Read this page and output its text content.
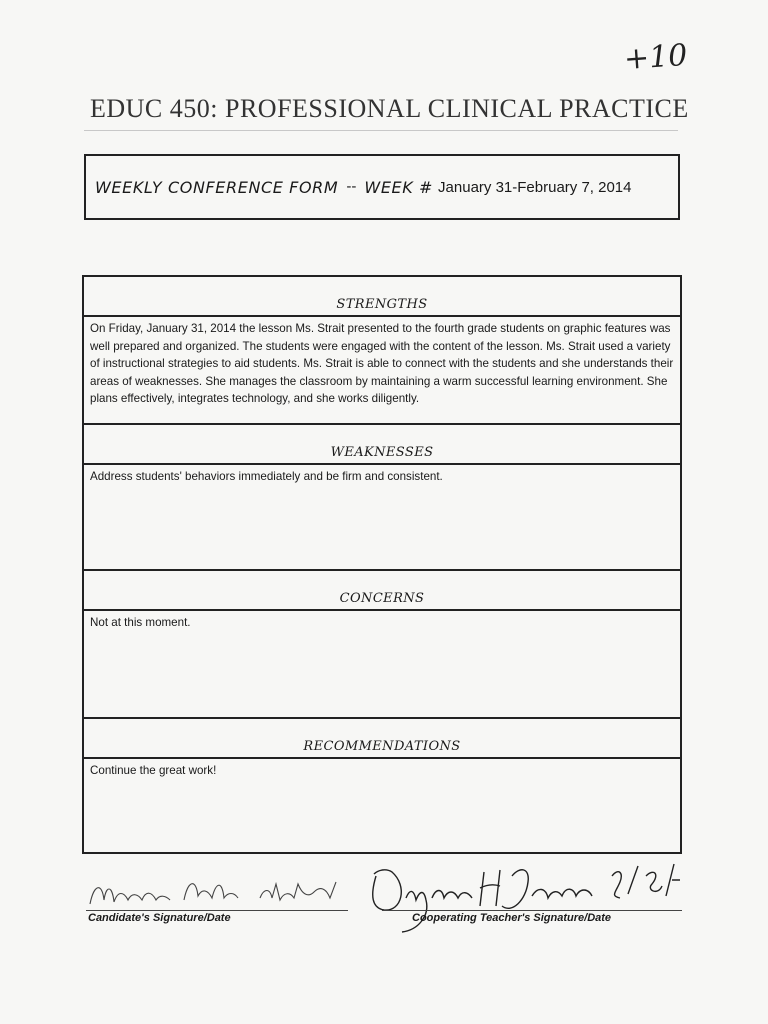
+10
EDUC 450: PROFESSIONAL CLINICAL PRACTICE
WEEKLY CONFERENCE FORM -- WEEK # January 31-February 7, 2014
STRENGTHS
On Friday, January 31, 2014 the lesson Ms. Strait presented to the fourth grade students on graphic features was well prepared and organized. The students were engaged with the content of the lesson. Ms. Strait used a variety of instructional strategies to aid students. Ms. Strait is able to connect with the students and she understands their areas of weaknesses. She manages the classroom by maintaining a warm successful learning environment. She plans effectively, integrates technology, and she works diligently.
WEAKNESSES
Address students' behaviors immediately and be firm and consistent.
CONCERNS
Not at this moment.
RECOMMENDATIONS
Continue the great work!
Candidate's Signature/Date	Cooperating Teacher's Signature/Date
